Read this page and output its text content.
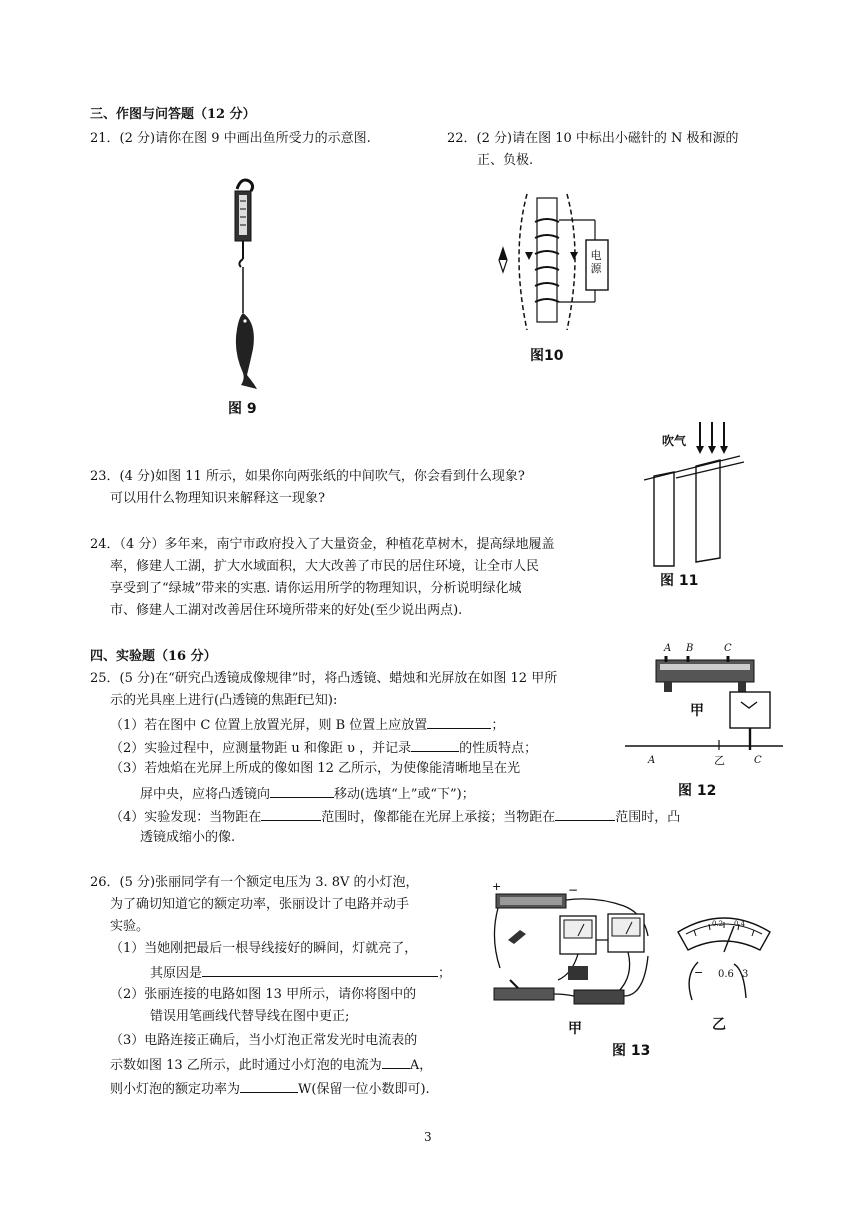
三、作图与问答题（12 分）
21．(2 分)请你在图 9 中画出鱼所受力的示意图.	22．(2 分)请在图 10 中标出小磁针的 N 极和源的
正、负极.
图 9
电源
图10
吹气
图 11
23．(4 分)如图 11 所示，如果你向两张纸的中间吹气，你会看到什么现象?
可以用什么物理知识来解释这一现象?
24．（4 分）多年来，南宁市政府投入了大量资金，种植花草树木，提高绿地履盖
率，修建人工湖，扩大水域面积，大大改善了市民的居住环境，让全市人民
享受到了“绿城”带来的实惠. 请你运用所学的物理知识，分析说明绿化城
市、修建人工湖对改善居住环境所带来的好处(至少说出两点).
四、实验题（16 分）
25．(5 分)在“研究凸透镜成像规律”时，将凸透镜、蜡烛和光屏放在如图 12 甲所
示的光具座上进行(凸透镜的焦距f已知):
（1）若在图中 C 位置上放置光屏，则 B 位置上应放置	；
（2）实验过程中，应测量物距 u 和像距 υ ，并记录	的性质特点；
（3）若烛焰在光屏上所成的像如图 12 乙所示，为使像能清晰地呈在光
屏中央，应将凸透镜向	移动(选填“上”或“下”)；
（4）实验发现：当物距在	范围时，像都能在光屏上承接；当物距在	范围时，凸
透镜成缩小的像.
A B	C
甲
A	乙	C
图 12
26．(5 分)张丽同学有一个额定电压为 3. 8V 的小灯泡，
为了确切知道它的额定功率，张丽设计了电路并动手
实验。
（1）当她刚把最后一根导线接好的瞬间，灯就亮了，
其原因是	；
（2）张丽连接的电路如图 13 甲所示，请你将图中的
错误用笔画线代替导线在图中更正;
（3）电路连接正确后，当小灯泡正常发光时电流表的
示数如图 13 乙所示，此时通过小灯泡的电流为 A，
则小灯泡的额定功率为	W(保留一位小数即可).
+	−
甲
−
0.2 0.4
0.6 3
乙
图 13
3
